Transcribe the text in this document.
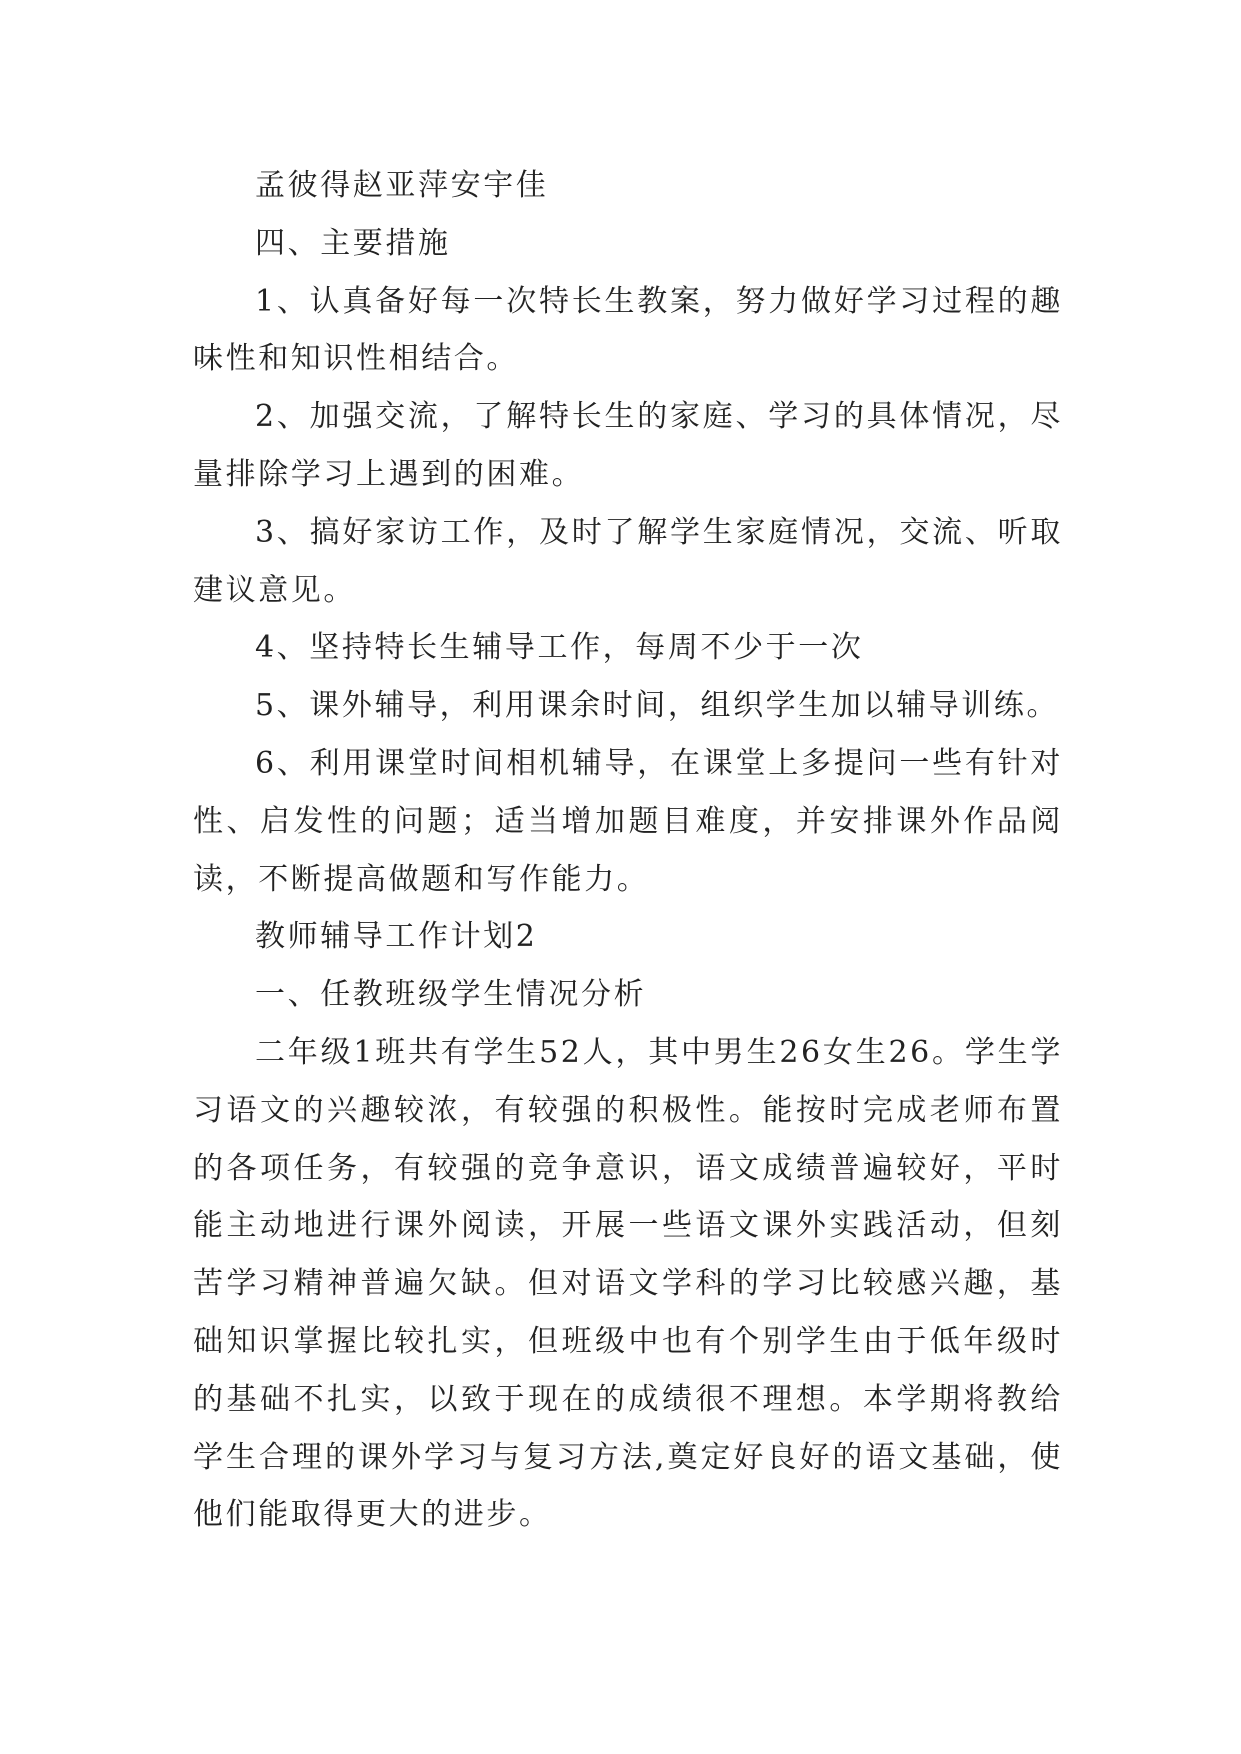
孟彼得赵亚萍安宇佳

四、主要措施

1、认真备好每一次特长生教案，努力做好学习过程的趣味性和知识性相结合。

2、加强交流，了解特长生的家庭、学习的具体情况，尽量排除学习上遇到的困难。

3、搞好家访工作，及时了解学生家庭情况，交流、听取建议意见。

4、坚持特长生辅导工作，每周不少于一次

5、课外辅导，利用课余时间，组织学生加以辅导训练。

6、利用课堂时间相机辅导，在课堂上多提问一些有针对性、启发性的问题；适当增加题目难度，并安排课外作品阅读，不断提高做题和写作能力。

教师辅导工作计划2

一、任教班级学生情况分析

二年级1班共有学生52人，其中男生26女生26。学生学习语文的兴趣较浓，有较强的积极性。能按时完成老师布置的各项任务，有较强的竞争意识，语文成绩普遍较好，平时能主动地进行课外阅读，开展一些语文课外实践活动，但刻苦学习精神普遍欠缺。但对语文学科的学习比较感兴趣，基础知识掌握比较扎实，但班级中也有个别学生由于低年级时的基础不扎实，以致于现在的成绩很不理想。本学期将教给学生合理的课外学习与复习方法,奠定好良好的语文基础，使他们能取得更大的进步。
